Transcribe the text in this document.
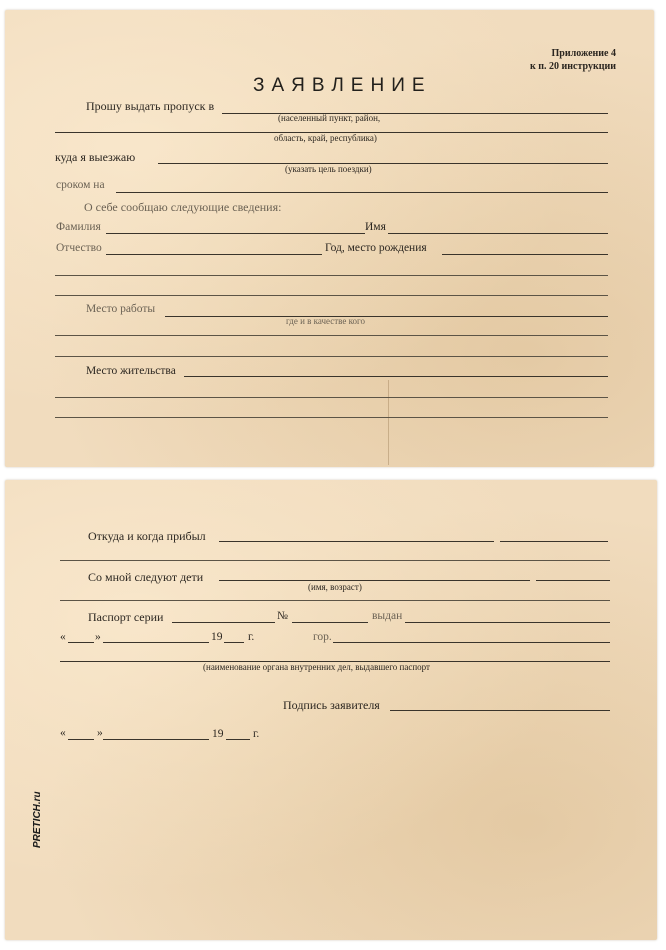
Приложение 4
к п. 20 инструкции
ЗАЯВЛЕНИЕ
Прошу выдать пропуск в
(населенный пункт, район,
область, край, республика)
куда я выезжаю
(указать цель поездки)
сроком на
О себе сообщаю следующие сведения:
Фамилия	Имя
Отчество	Год, место рождения
Место работы
где и в качестве кого
Место жительства
Откуда и когда прибыл
Со мной следуют дети
(имя, возраст)
Паспорт серии	№	выдан
«	»	19 г.	гор.
(наименование органа внутренних дел, выдавшего паспорт
Подпись заявителя
«	»	19	г.
PRETICH.ru
